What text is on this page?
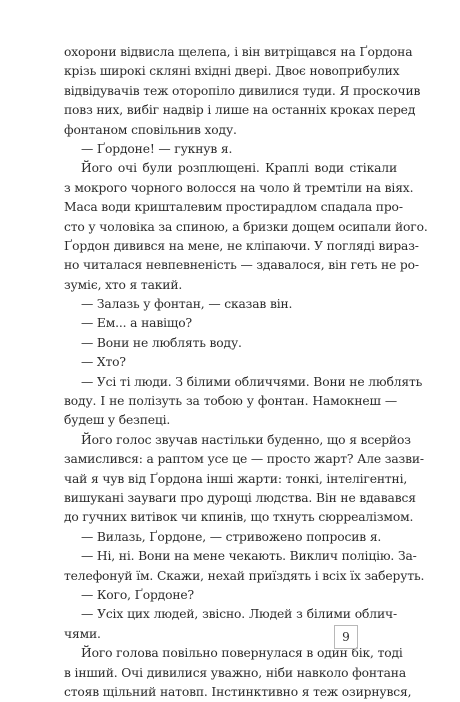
охорони відвисла щелепа, і він витріщався на Ґордона
крізь широкі скляні вхідні двері. Двоє новоприбулих
відвідувачів теж оторопіло дивилися туди. Я проскочив
повз них, вибіг надвір і лише на останніх кроках перед
фонтаном сповільнив ходу.
— Ґордоне! — гукнув я.
Його очі були розплющені. Краплі води стікали
з мокрого чорного волосся на чоло й тремтіли на віях.
Маса води кришталевим простирадлом спадала про-
сто у чоловіка за спиною, а бризки дощем осипали його.
Ґордон дивився на мене, не кліпаючи. У погляді вираз-
но читалася невпевненість — здавалося, він геть не ро-
зуміє, хто я такий.
— Залазь у фонтан, — сказав він.
— Ем... а навіщо?
— Вони не люблять воду.
— Хто?
— Усі ті люди. З білими обличчями. Вони не люблять
воду. І не полізуть за тобою у фонтан. Намокнеш —
будеш у безпеці.
Його голос звучав настільки буденно, що я всерйоз
замислився: а раптом усе це — просто жарт? Але зазви-
чай я чув від Ґордона інші жарти: тонкі, інтелігентні,
вишукані зауваги про дурощі людства. Він не вдавався
до гучних витівок чи кпинів, що тхнуть сюрреалізмом.
— Вилазь, Ґордоне, — стривожено попросив я.
— Ні, ні. Вони на мене чекають. Виклич поліцію. За-
телефонуй їм. Скажи, нехай приїздять і всіх їх заберуть.
— Кого, Ґордоне?
— Усіх цих людей, звісно. Людей з білими облич-
чями.
Його голова повільно повернулася в один бік, тоді
в інший. Очі дивилися уважно, ніби навколо фонтана
стояв щільний натовп. Інстинктивно я теж озирнувся,
9
